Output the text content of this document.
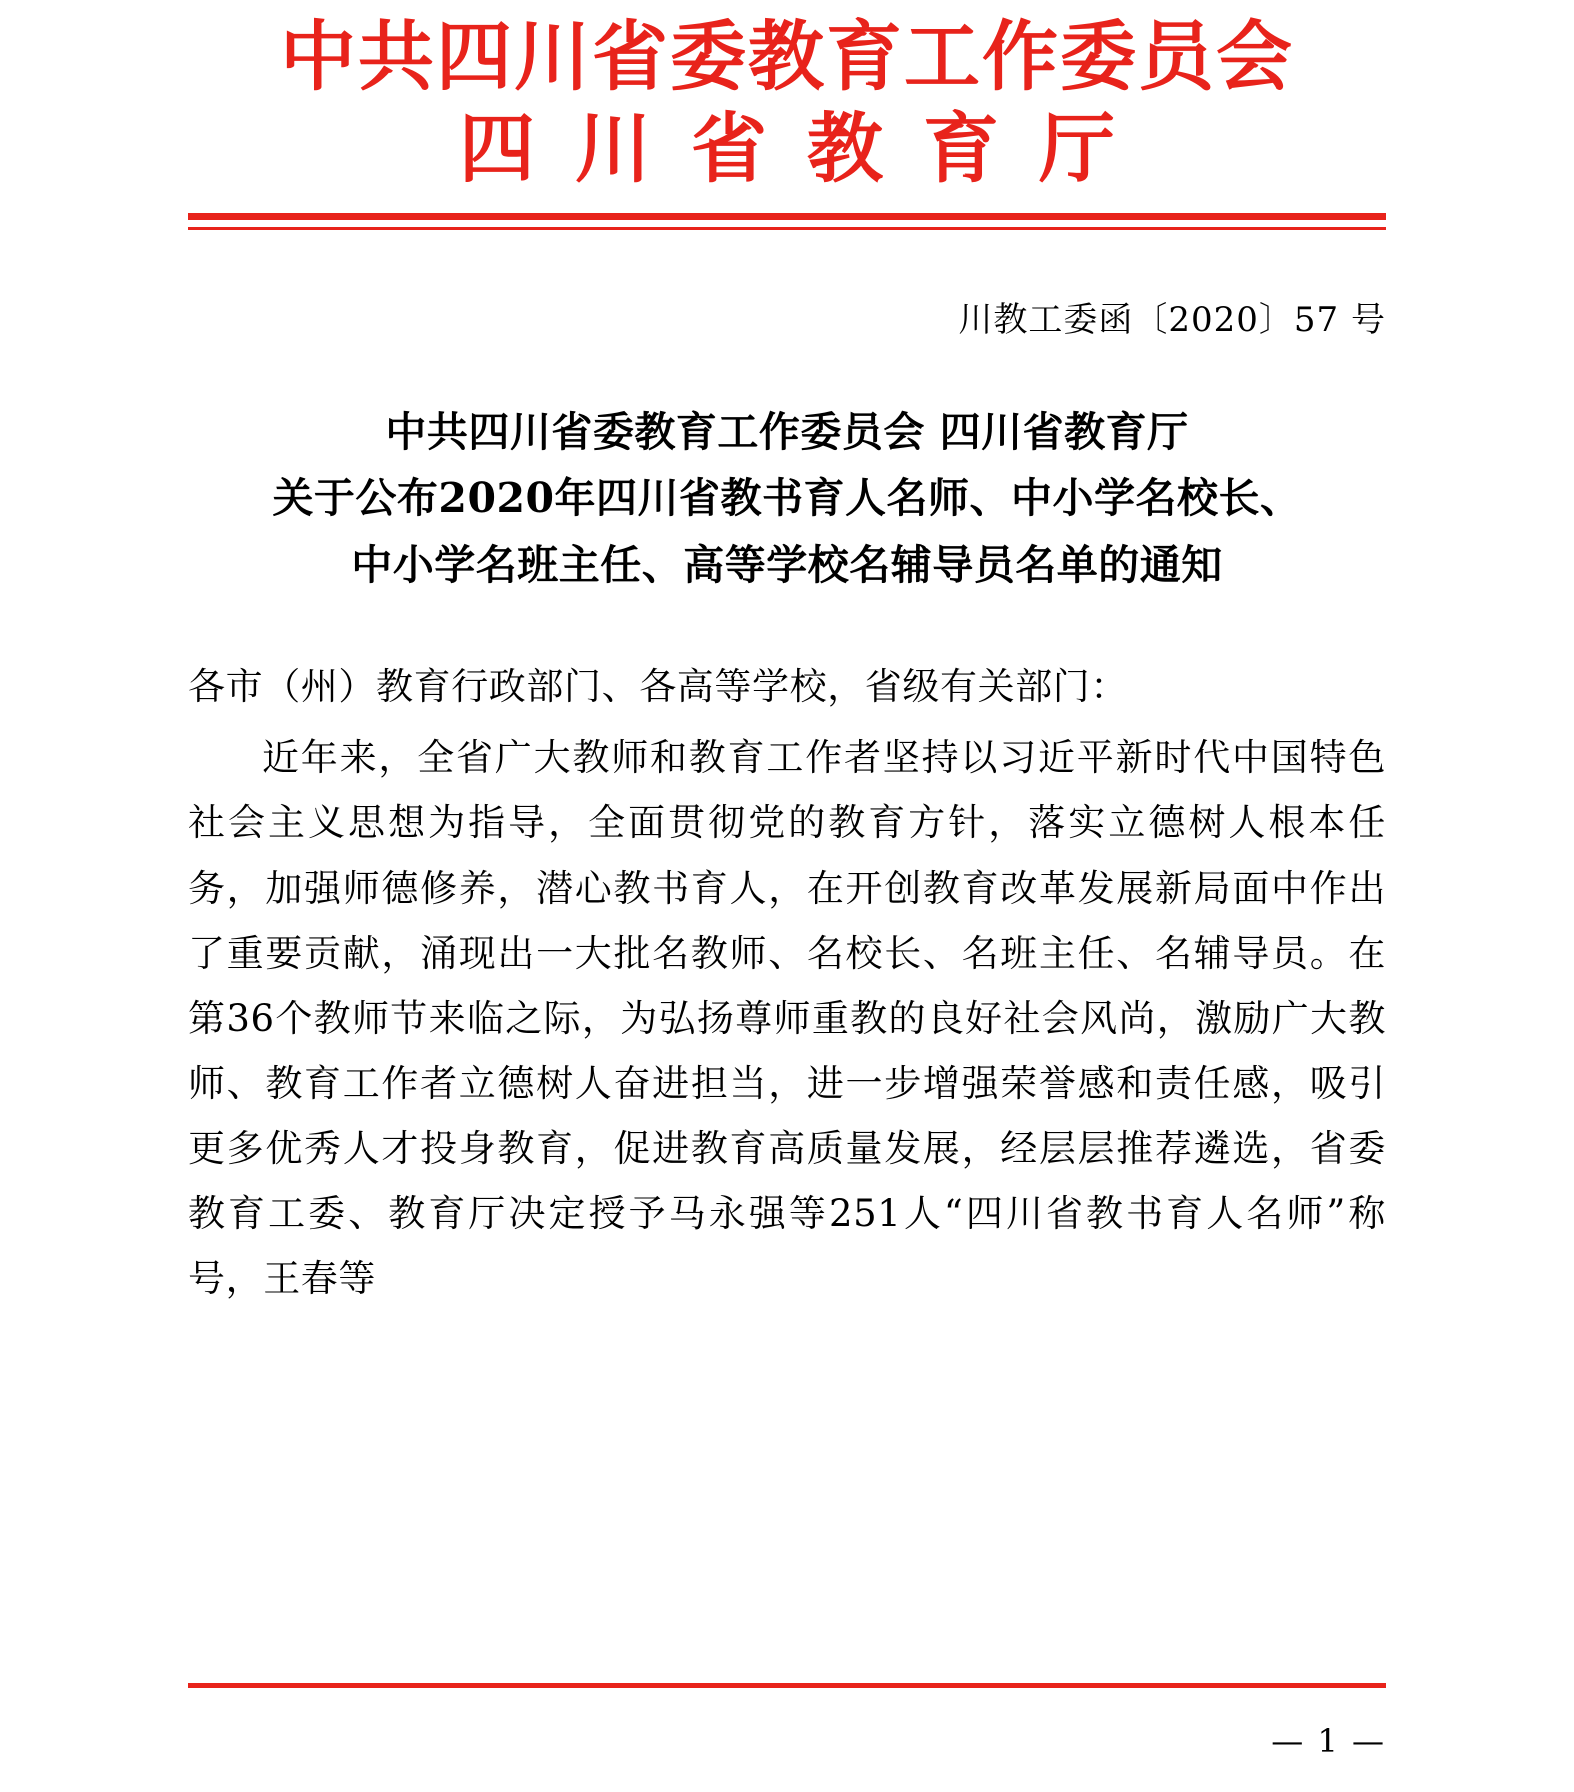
中共四川省委教育工作委员会
四川省教育厅
川教工委函〔2020〕57 号
中共四川省委教育工作委员会 四川省教育厅
关于公布2020年四川省教书育人名师、中小学名校长、
中小学名班主任、高等学校名辅导员名单的通知
各市（州）教育行政部门、各高等学校，省级有关部门：
近年来，全省广大教师和教育工作者坚持以习近平新时代中国特色社会主义思想为指导，全面贯彻党的教育方针，落实立德树人根本任务，加强师德修养，潜心教书育人，在开创教育改革发展新局面中作出了重要贡献，涌现出一大批名教师、名校长、名班主任、名辅导员。在第36个教师节来临之际，为弘扬尊师重教的良好社会风尚，激励广大教师、教育工作者立德树人奋进担当，进一步增强荣誉感和责任感，吸引更多优秀人才投身教育，促进教育高质量发展，经层层推荐遴选，省委教育工委、教育厅决定授予马永强等251人“四川省教书育人名师”称号，王春等
— 1 —
